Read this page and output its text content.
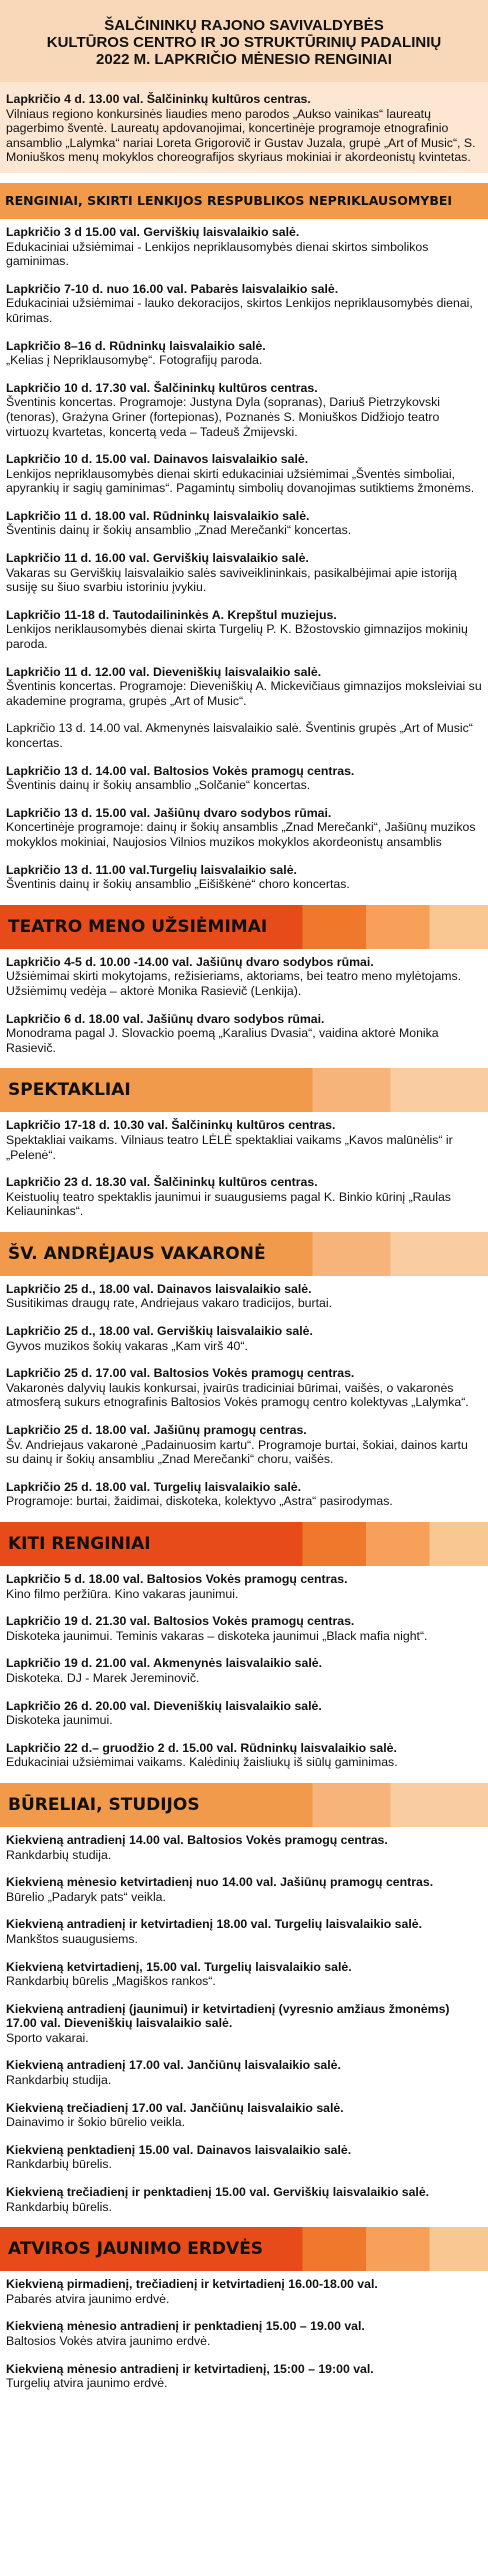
ŠALČININKŲ RAJONO SAVIVALDYBĖS
KULTŪROS CENTRO IR JO STRUKTŪRINIŲ PADALINIŲ
2022 M. LAPKRIČIO MĖNESIO RENGINIAI
Lapkričio 4 d. 13.00 val. Šalčininkų kultūros centras.
Vilniaus regiono konkursinės liaudies meno parodos „Aukso vainikas“ laureatų pagerbimo šventė. Laureatų apdovanojimai, koncertinėje programoje etnografinio ansamblio „Lalymka“ nariai Loreta Grigorovič ir Gustav Juzala, grupė „Art of Music“, S. Moniuškos menų mokyklos choreografijos skyriaus mokiniai ir akordeonistų kvintetas.
RENGINIAI, SKIRTI LENKIJOS RESPUBLIKOS NEPRIKLAUSOMYBEI
Lapkričio 3 d 15.00 val. Gerviškių laisvalaikio salė.
Edukaciniai užsiėmimai - Lenkijos nepriklausomybės dienai skirtos simbolikos gaminimas.
Lapkričio 7-10 d. nuo 16.00 val. Pabarės laisvalaikio salė.
Edukaciniai užsiėmimai - lauko dekoracijos, skirtos Lenkijos nepriklausomybės dienai, kūrimas.
Lapkričio 8–16 d. Rūdninkų laisvalaikio salė.
„Kelias į Nepriklausomybę“. Fotografijų paroda.
Lapkričio 10 d. 17.30 val. Šalčininkų kultūros centras.
Šventinis koncertas. Programoje: Justyna Dyla (sopranas), Dariuš Pietrzykovski (tenoras), Grażyna Griner (fortepionas), Poznanės S. Moniuškos Didžiojo teatro virtuozų kvartetas, koncertą veda – Tadeuš Żmijevski.
Lapkričio 10 d. 15.00 val. Dainavos laisvalaikio salė.
Lenkijos nepriklausomybės dienai skirti edukaciniai užsiėmimai „Šventės simboliai, apyrankių ir sagių gaminimas“. Pagamintų simbolių dovanojimas sutiktiems žmonėms.
Lapkričio 11 d. 18.00 val. Rūdninkų laisvalaikio salė.
Šventinis dainų ir šokių ansamblio „Znad Merečanki“ koncertas.
Lapkričio 11 d. 16.00 val. Gerviškių laisvalaikio salė.
Vakaras su Gerviškių laisvalaikio salės saviveiklininkais, pasikalbėjimai apie istoriją susiję su šiuo svarbiu istoriniu įvykiu.
Lapkričio 11-18 d. Tautodailininkės A. Krepštul muziejus.
Lenkijos neriklausomybės dienai skirta Turgelių P. K. Bžostovskio gimnazijos mokinių paroda.
Lapkričio 11 d. 12.00 val. Dieveniškių laisvalaikio salė.
Šventinis koncertas. Programoje: Dieveniškių A. Mickevičiaus gimnazijos moksleiviai su akademine programa, grupės „Art of Music“.
Lapkričio 13 d. 14.00 val. Akmenynės laisvalaikio salė. Šventinis grupės „Art of Music“ koncertas.
Lapkričio 13 d. 14.00 val. Baltosios Vokės pramogų centras.
Šventinis dainų ir šokių ansamblio „Solčanie“ koncertas.
Lapkričio 13 d. 15.00 val. Jašiūnų dvaro sodybos rūmai.
Koncertinėje programoje: dainų ir šokių ansamblis „Znad Merečanki“, Jašiūnų muzikos mokyklos mokiniai, Naujosios Vilnios muzikos mokyklos akordeonistų ansamblis
Lapkričio 13 d. 11.00 val.Turgelių laisvalaikio salė.
Šventinis dainų ir šokių ansamblio „Eišiškėnė“ choro koncertas.
TEATRO MENO UŽSIĖMIMAI
Lapkričio 4-5 d. 10.00 -14.00 val. Jašiūnų dvaro sodybos rūmai.
Užsiėmimai skirti mokytojams, režisieriams, aktoriams, bei teatro meno mylėtojams. Užsiėmimų vedėja – aktorė Monika Rasievič (Lenkija).
Lapkričio 6 d. 18.00 val. Jašiūnų dvaro sodybos rūmai.
Monodrama pagal J. Slovackio poemą „Karalius Dvasia“, vaidina aktorė Monika Rasievič.
SPEKTAKLIAI
Lapkričio 17-18 d. 10.30 val. Šalčininkų kultūros centras.
Spektakliai vaikams. Vilniaus teatro LĖLĖ spektakliai vaikams „Kavos malūnėlis“ ir „Pelenė“.
Lapkričio 23 d. 18.30 val. Šalčininkų kultūros centras.
Keistuolių teatro spektaklis jaunimui ir suaugusiems pagal K. Binkio kūrinį „Raulas Keliauninkas“.
ŠV. ANDRĖJAUS VAKARONĖ
Lapkričio 25 d., 18.00 val. Dainavos laisvalaikio salė.
Susitikimas draugų rate, Andriejaus vakaro tradicijos, burtai.
Lapkričio 25 d., 18.00 val. Gerviškių laisvalaikio salė.
Gyvos muzikos šokių vakaras „Kam virš 40“.
Lapkričio 25 d. 17.00 val. Baltosios Vokės pramogų centras.
Vakaronės dalyvių laukis konkursai, įvairūs tradiciniai būrimai, vaišės, o vakaronės atmosferą sukurs etnografinis Baltosios Vokės pramogų centro kolektyvas „Lalymka“.
Lapkričio 25 d. 18.00 val. Jašiūnų pramogų centras.
Šv. Andriejaus vakaronė „Padainuosim kartu“. Programoje burtai, šokiai, dainos kartu su dainų ir šokių ansambliu „Znad Merečanki“ choru, vaišės.
Lapkričio 25 d. 18.00 val. Turgelių laisvalaikio salė.
Programoje: burtai, žaidimai, diskoteka, kolektyvo „Astra“ pasirodymas.
KITI RENGINIAI
Lapkričio 5 d. 18.00 val. Baltosios Vokės pramogų centras.
Kino filmo peržiūra. Kino vakaras jaunimui.
Lapkričio 19 d. 21.30 val. Baltosios Vokės pramogų centras.
Diskoteka jaunimui. Teminis vakaras – diskoteka jaunimui „Black mafia night“.
Lapkričio 19 d. 21.00 val. Akmenynės laisvalaikio salė.
Diskoteka. DJ - Marek Jereminovič.
Lapkričio 26 d. 20.00 val. Dieveniškių laisvalaikio salė.
Diskoteka jaunimui.
Lapkričio 22 d.– gruodžio 2 d. 15.00 val. Rūdninkų laisvalaikio salė.
Edukaciniai užsiėmimai vaikams. Kalėdinių žaisliukų iš siūlų gaminimas.
BŪRELIAI, STUDIJOS
Kiekvieną antradienį 14.00 val. Baltosios Vokės pramogų centras.
Rankdarbių studija.
Kiekvieną mėnesio ketvirtadienį nuo 14.00 val. Jašiūnų pramogų centras.
Būrelio „Padaryk pats“ veikla.
Kiekvieną antradienį ir ketvirtadienį 18.00 val. Turgelių laisvalaikio salė.
Mankštos suaugusiems.
Kiekvieną ketvirtadienį, 15.00 val. Turgelių laisvalaikio salė.
Rankdarbių būrelis „Magiškos rankos“.
Kiekvieną antradienį (jaunimui) ir ketvirtadienį (vyresnio amžiaus žmonėms) 17.00 val. Dieveniškių laisvalaikio salė.
Sporto vakarai.
Kiekvieną antradienį 17.00 val. Jančiūnų laisvalaikio salė.
Rankdarbių studija.
Kiekvieną trečiadienį 17.00 val. Jančiūnų laisvalaikio salė.
Dainavimo ir šokio būrelio veikla.
Kiekvieną penktadienį 15.00 val. Dainavos laisvalaikio salė.
Rankdarbių būrelis.
Kiekvieną trečiadienį ir penktadienį 15.00 val. Gerviškių laisvalaikio salė.
Rankdarbių būrelis.
ATVIROS JAUNIMO ERDVĖS
Kiekvieną pirmadienį, trečiadienį ir ketvirtadienį 16.00-18.00 val.
Pabarės atvira jaunimo erdvė.
Kiekvieną mėnesio antradienį ir penktadienį 15.00 – 19.00 val.
Baltosios Vokės atvira jaunimo erdvė.
Kiekvieną mėnesio antradienį ir ketvirtadienį, 15:00 – 19:00 val.
Turgelių atvira jaunimo erdvė.
